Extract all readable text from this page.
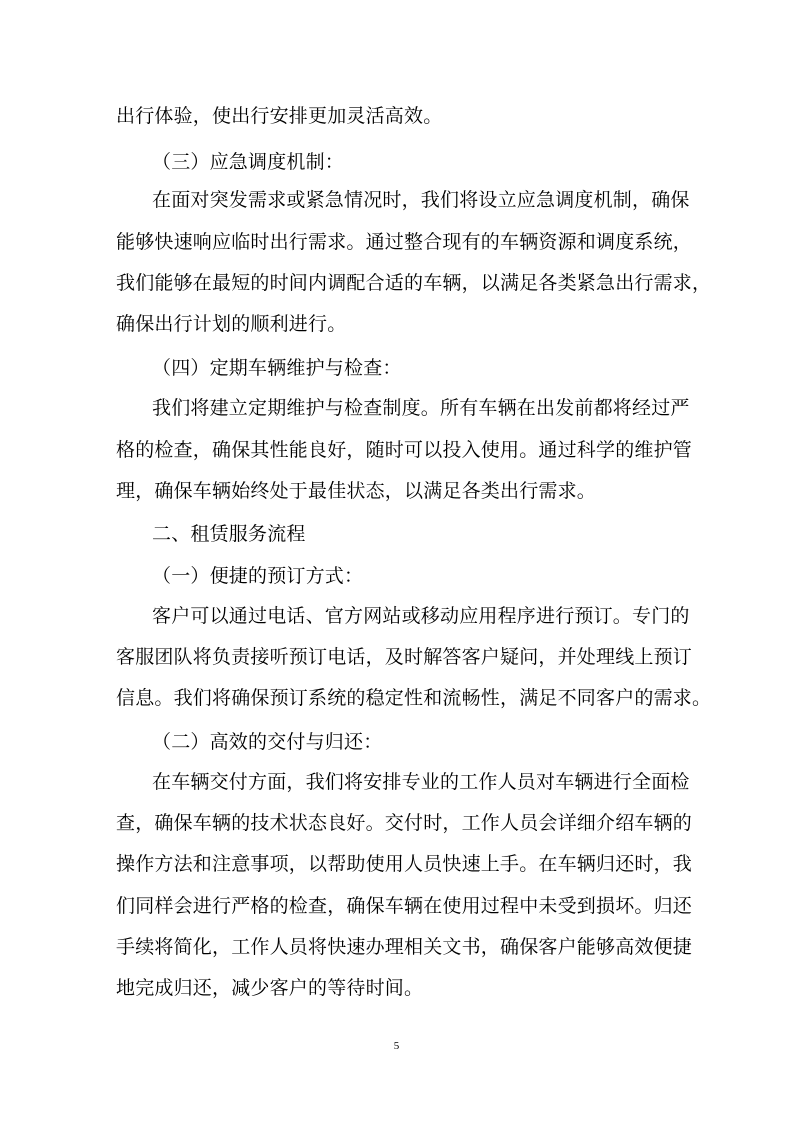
出行体验，使出行安排更加灵活高效。
（三）应急调度机制：
在面对突发需求或紧急情况时，我们将设立应急调度机制，确保
能够快速响应临时出行需求。通过整合现有的车辆资源和调度系统，
我们能够在最短的时间内调配合适的车辆，以满足各类紧急出行需求，
确保出行计划的顺利进行。
（四）定期车辆维护与检查：
我们将建立定期维护与检查制度。所有车辆在出发前都将经过严
格的检查，确保其性能良好，随时可以投入使用。通过科学的维护管
理，确保车辆始终处于最佳状态，以满足各类出行需求。
二、租赁服务流程
（一）便捷的预订方式：
客户可以通过电话、官方网站或移动应用程序进行预订。专门的
客服团队将负责接听预订电话，及时解答客户疑问，并处理线上预订
信息。我们将确保预订系统的稳定性和流畅性，满足不同客户的需求。
（二）高效的交付与归还：
在车辆交付方面，我们将安排专业的工作人员对车辆进行全面检
查，确保车辆的技术状态良好。交付时，工作人员会详细介绍车辆的
操作方法和注意事项，以帮助使用人员快速上手。在车辆归还时，我
们同样会进行严格的检查，确保车辆在使用过程中未受到损坏。归还
手续将简化，工作人员将快速办理相关文书，确保客户能够高效便捷
地完成归还，减少客户的等待时间。
5
